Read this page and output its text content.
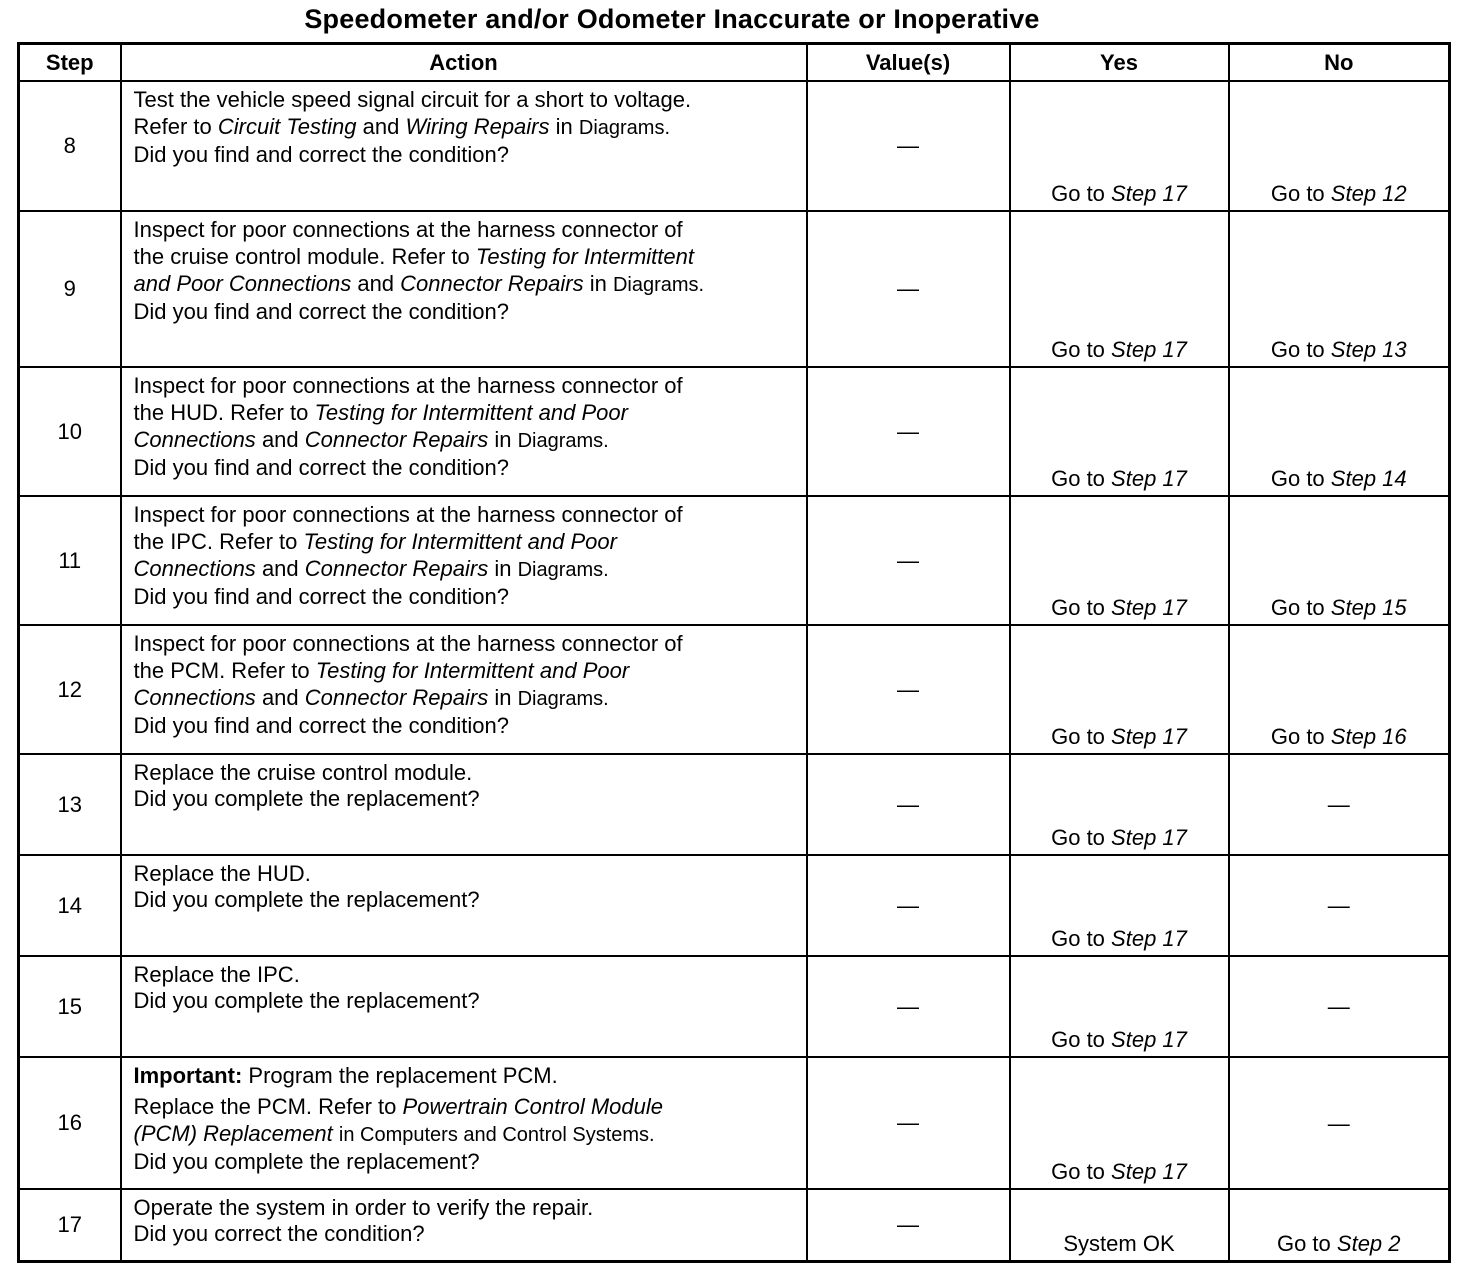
Speedometer and/or Odometer Inaccurate or Inoperative
Step	Action	Value(s)	Yes	No
8	Test the vehicle speed signal circuit for a short to voltage.
Refer to Circuit Testing and Wiring Repairs in Diagrams.
Did you find and correct the condition?	—	Go to Step 17	Go to Step 12
9	Inspect for poor connections at the harness connector of
the cruise control module. Refer to Testing for Intermittent
and Poor Connections and Connector Repairs in Diagrams.
Did you find and correct the condition?	—	Go to Step 17	Go to Step 13
10	Inspect for poor connections at the harness connector of
the HUD. Refer to Testing for Intermittent and Poor
Connections and Connector Repairs in Diagrams.
Did you find and correct the condition?	—	Go to Step 17	Go to Step 14
11	Inspect for poor connections at the harness connector of
the IPC. Refer to Testing for Intermittent and Poor
Connections and Connector Repairs in Diagrams.
Did you find and correct the condition?	—	Go to Step 17	Go to Step 15
12	Inspect for poor connections at the harness connector of
the PCM. Refer to Testing for Intermittent and Poor
Connections and Connector Repairs in Diagrams.
Did you find and correct the condition?	—	Go to Step 17	Go to Step 16
13	Replace the cruise control module.
Did you complete the replacement?	—	Go to Step 17	—
14	Replace the HUD.
Did you complete the replacement?	—	Go to Step 17	—
15	Replace the IPC.
Did you complete the replacement?	—	Go to Step 17	—
16	Important: Program the replacement PCM.
Replace the PCM. Refer to Powertrain Control Module
(PCM) Replacement in Computers and Control Systems.
Did you complete the replacement?	—	Go to Step 17	—
17	Operate the system in order to verify the repair.
Did you correct the condition?	—	System OK	Go to Step 2
